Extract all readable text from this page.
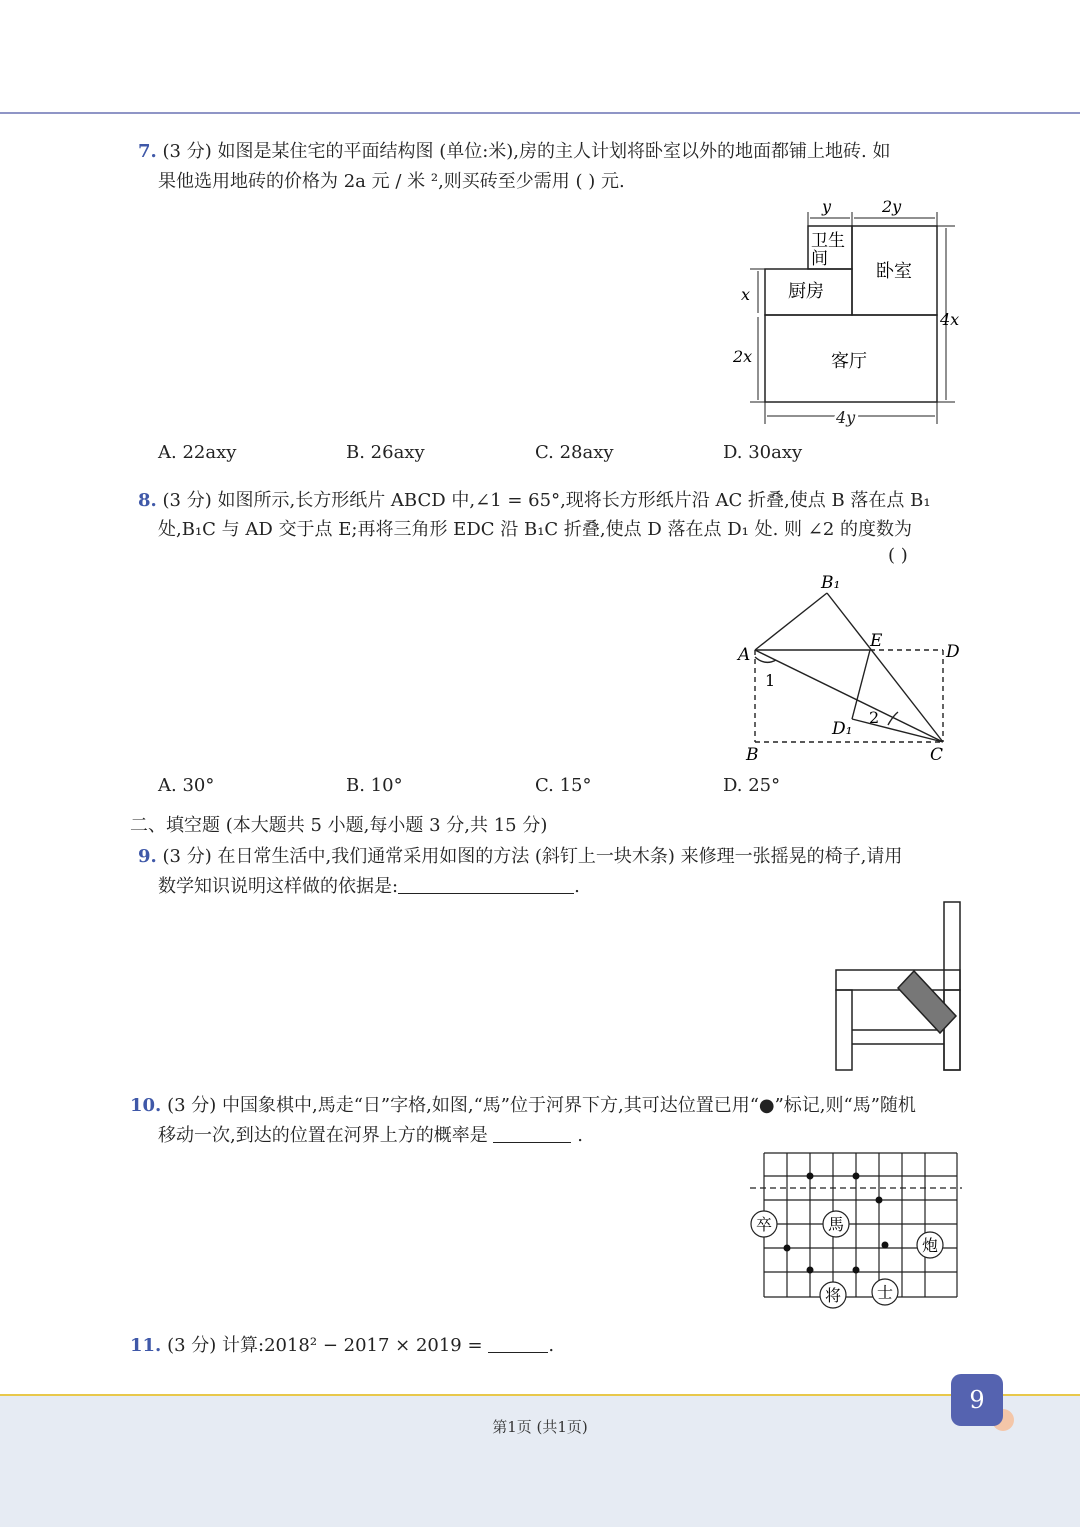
7. (3 分) 如图是某住宅的平面结构图 (单位:米),房的主人计划将卧室以外的地面都铺上地砖. 如
果他选用地砖的价格为 2a 元 / 米 ²,则买砖至少需用 ( ) 元.
y	2y
卫生
间
卧室
厨房
客厅
x
2x
4x
4y
A. 22axy	B. 26axy	C. 28axy	D. 30axy
8. (3 分) 如图所示,长方形纸片 ABCD 中,∠1 = 65°,现将长方形纸片沿 AC 折叠,使点 B 落在点 B₁
处,B₁C 与 AD 交于点 E;再将三角形 EDC 沿 B₁C 折叠,使点 D 落在点 D₁ 处. 则 ∠2 的度数为
( )
B₁
A
E
D
1
D₁
2
B	C
A. 30°	B. 10°	C. 15°	D. 25°
二、填空题 (本大题共 5 小题,每小题 3 分,共 15 分)
9. (3 分) 在日常生活中,我们通常采用如图的方法 (斜钉上一块木条) 来修理一张摇晃的椅子,请用
数学知识说明这样做的依据是:	.
10. (3 分) 中国象棋中,馬走“日”字格,如图,“馬”位于河界下方,其可达位置已用“●”标记,则“馬”随机
移动一次,到达的位置在河界上方的概率是	.
卒	馬
炮
将 士
11. (3 分) 计算:2018² − 2017 × 2019 =	.
第1页 (共1页)
9
